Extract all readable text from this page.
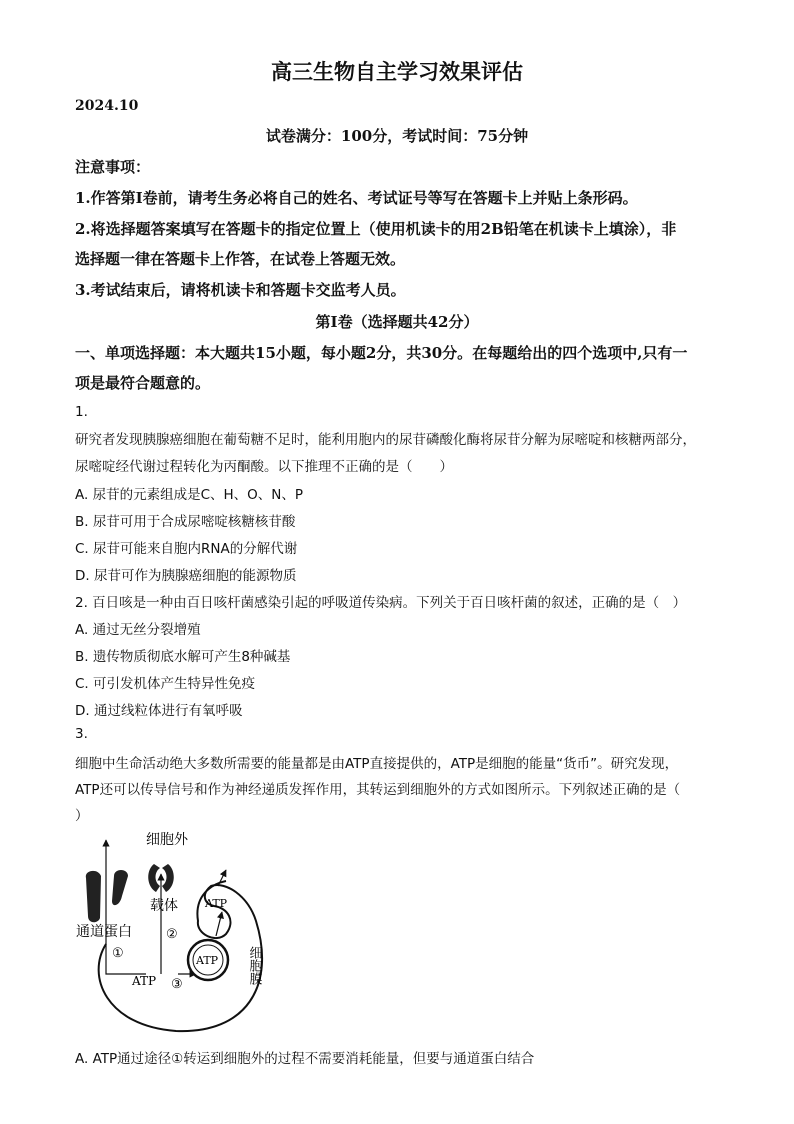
高三生物自主学习效果评估
2024.10
试卷满分：100分，考试时间：75分钟
注意事项：
1.作答第Ⅰ卷前，请考生务必将自己的姓名、考试证号等写在答题卡上并贴上条形码。
2.将选择题答案填写在答题卡的指定位置上（使用机读卡的用2B铅笔在机读卡上填涂），非
选择题一律在答题卡上作答，在试卷上答题无效。
3.考试结束后，请将机读卡和答题卡交监考人员。
第Ⅰ卷（选择题共42分）
一、单项选择题：本大题共15小题，每小题2分，共30分。在每题给出的四个选项中,只有一
项是最符合题意的。
1.
研究者发现胰腺癌细胞在葡萄糖不足时，能利用胞内的尿苷磷酸化酶将尿苷分解为尿嘧啶和核糖两部分，
尿嘧啶经代谢过程转化为丙酮酸。以下推理不正确的是（　　）
A. 尿苷的元素组成是C、H、O、N、P
B. 尿苷可用于合成尿嘧啶核糖核苷酸
C. 尿苷可能来自胞内RNA的分解代谢
D. 尿苷可作为胰腺癌细胞的能源物质
2. 百日咳是一种由百日咳杆菌感染引起的呼吸道传染病。下列关于百日咳杆菌的叙述，正确的是（　）
A. 通过无丝分裂增殖
B. 遗传物质彻底水解可产生8种碱基
C. 可引发机体产生特异性免疫
D. 通过线粒体进行有氧呼吸
3.
细胞中生命活动绝大多数所需要的能量都是由ATP直接提供的，ATP是细胞的能量“货币”。研究发现，
ATP还可以传导信号和作为神经递质发挥作用，其转运到细胞外的方式如图所示。下列叙述正确的是（
）
细胞外
载体
通道蛋白
①
②
③
ATP
ATP
ATP
细胞膜
A. ATP通过途径①转运到细胞外的过程不需要消耗能量，但要与通道蛋白结合
